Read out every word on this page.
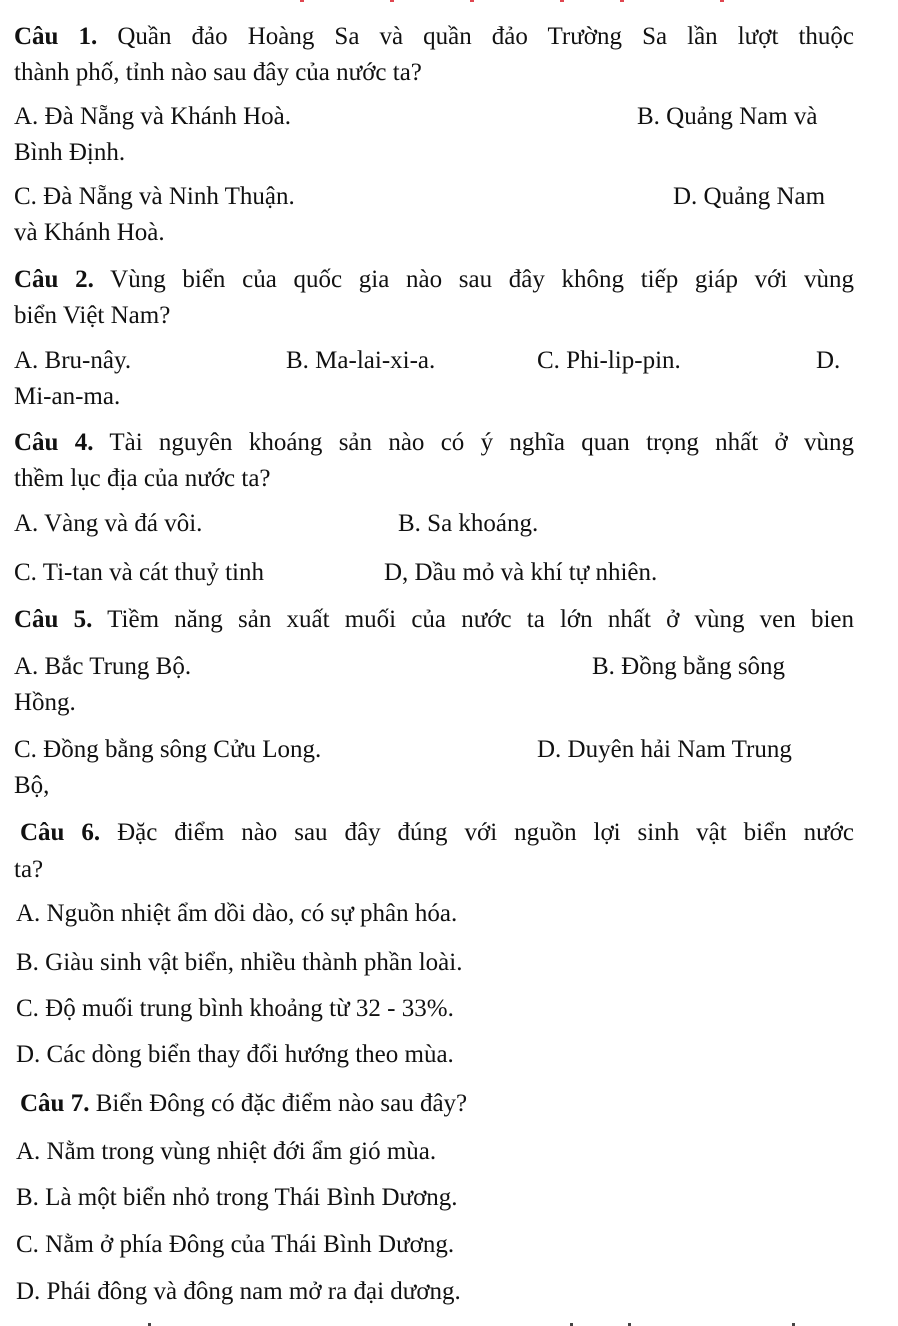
Câu 1. Quần đảo Hoàng Sa và quần đảo Trường Sa lần lượt thuộc
thành phố, tỉnh nào sau đây của nước ta?
A. Đà Nẵng và Khánh Hoà.	B. Quảng Nam và
Bình Định.
C. Đà Nẵng và Ninh Thuận.	D. Quảng Nam
và Khánh Hoà.
Câu 2. Vùng biển của quốc gia nào sau đây không tiếp giáp với vùng
biển Việt Nam?
A. Bru-nây.	B. Ma-lai-xi-a.	C. Phi-lip-pin.	D.
Mi-an-ma.
Câu 4. Tài nguyên khoáng sản nào có ý nghĩa quan trọng nhất ở vùng
thềm lục địa của nước ta?
A. Vàng và đá vôi.	B. Sa khoáng.
C. Ti-tan và cát thuỷ tinh	D, Dầu mỏ và khí tự nhiên.
Câu 5. Tiềm năng sản xuất muối của nước ta lớn nhất ở vùng ven bien
A. Bắc Trung Bộ.	B. Đồng bằng sông
Hồng.
C. Đồng bằng sông Cửu Long.	D. Duyên hải Nam Trung
Bộ,
Câu 6. Đặc điểm nào sau đây đúng với nguồn lợi sinh vật biển nước
ta?
A. Nguồn nhiệt ẩm dồi dào, có sự phân hóa.
B. Giàu sinh vật biển, nhiều thành phần loài.
C. Độ muối trung bình khoảng từ 32 - 33%.
D. Các dòng biển thay đổi hướng theo mùa.
Câu 7. Biển Đông có đặc điểm nào sau đây?
A. Nằm trong vùng nhiệt đới ẩm gió mùa.
B. Là một biển nhỏ trong Thái Bình Dương.
C. Nằm ở phía Đông của Thái Bình Dương.
D. Phái đông và đông nam mở ra đại dương.
